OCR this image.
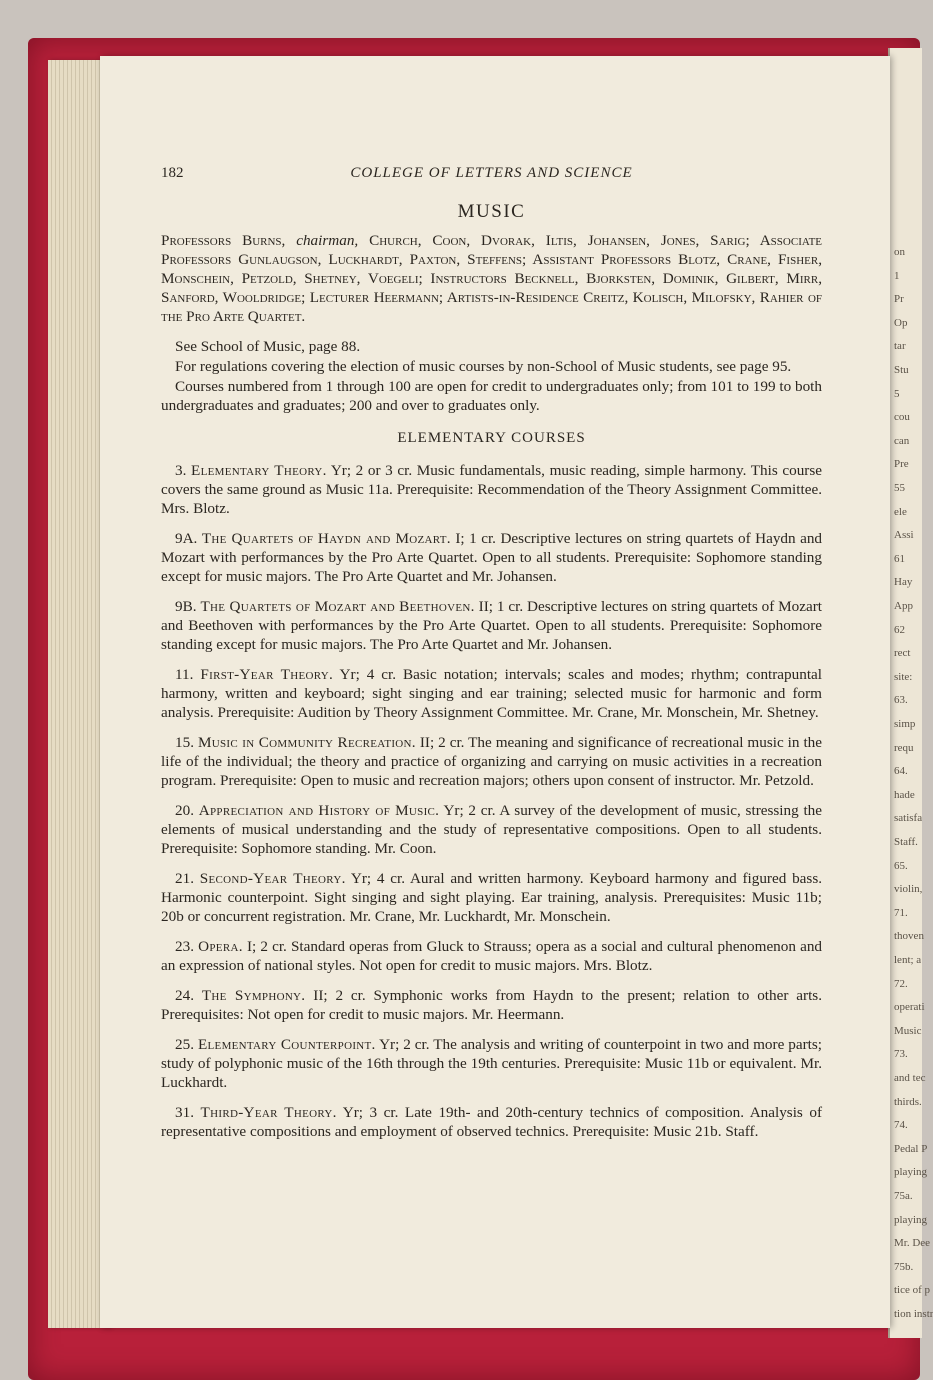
on
1
Pr
Op
tar
Stu
5
cou
can
Pre
55
ele
Assi
61
Hay
App
62
rect
site:
63.
simp
requ
64.
hade
satisfa
Staff.
65.
violin,
71.
thoven
lent; a
72.
operati
Music
73.
and tec
thirds.
74.
Pedal P
playing
75a.
playing
Mr. Dee
75b.
tice of p
tion instr
182	COLLEGE OF LETTERS AND SCIENCE
MUSIC

Professors Burns, chairman, Church, Coon, Dvorak, Iltis, Johansen, Jones, Sarig; Associate Professors Gunlaugson, Luckhardt, Paxton, Steffens; Assistant Professors Blotz, Crane, Fisher, Monschein, Petzold, Shetney, Voegeli; Instructors Becknell, Bjorksten, Dominik, Gilbert, Mirr, Sanford, Wooldridge; Lecturer Heermann; Artists-in-Residence Creitz, Kolisch, Milofsky, Rahier of the Pro Arte Quartet.

See School of Music, page 88.

For regulations covering the election of music courses by non-School of Music students, see page 95.

Courses numbered from 1 through 100 are open for credit to undergraduates only; from 101 to 199 to both undergraduates and graduates; 200 and over to graduates only.

ELEMENTARY COURSES

3. Elementary Theory. Yr; 2 or 3 cr. Music fundamentals, music reading, simple harmony. This course covers the same ground as Music 11a. Prerequisite: Recommendation of the Theory Assignment Committee. Mrs. Blotz.

9A. The Quartets of Haydn and Mozart. I; 1 cr. Descriptive lectures on string quartets of Haydn and Mozart with performances by the Pro Arte Quartet. Open to all students. Prerequisite: Sophomore standing except for music majors. The Pro Arte Quartet and Mr. Johansen.

9B. The Quartets of Mozart and Beethoven. II; 1 cr. Descriptive lectures on string quartets of Mozart and Beethoven with performances by the Pro Arte Quartet. Open to all students. Prerequisite: Sophomore standing except for music majors. The Pro Arte Quartet and Mr. Johansen.

11. First-Year Theory. Yr; 4 cr. Basic notation; intervals; scales and modes; rhythm; contrapuntal harmony, written and keyboard; sight singing and ear training; selected music for harmonic and form analysis. Prerequisite: Audition by Theory Assignment Committee. Mr. Crane, Mr. Monschein, Mr. Shetney.

15. Music in Community Recreation. II; 2 cr. The meaning and significance of recreational music in the life of the individual; the theory and practice of organizing and carrying on music activities in a recreation program. Prerequisite: Open to music and recreation majors; others upon consent of instructor. Mr. Petzold.

20. Appreciation and History of Music. Yr; 2 cr. A survey of the development of music, stressing the elements of musical understanding and the study of representative compositions. Open to all students. Prerequisite: Sophomore standing. Mr. Coon.

21. Second-Year Theory. Yr; 4 cr. Aural and written harmony. Keyboard harmony and figured bass. Harmonic counterpoint. Sight singing and sight playing. Ear training, analysis. Prerequisites: Music 11b; 20b or concurrent registration. Mr. Crane, Mr. Luckhardt, Mr. Monschein.

23. Opera. I; 2 cr. Standard operas from Gluck to Strauss; opera as a social and cultural phenomenon and an expression of national styles. Not open for credit to music majors. Mrs. Blotz.

24. The Symphony. II; 2 cr. Symphonic works from Haydn to the present; relation to other arts. Prerequisites: Not open for credit to music majors. Mr. Heermann.

25. Elementary Counterpoint. Yr; 2 cr. The analysis and writing of counterpoint in two and more parts; study of polyphonic music of the 16th through the 19th centuries. Prerequisite: Music 11b or equivalent. Mr. Luckhardt.

31. Third-Year Theory. Yr; 3 cr. Late 19th- and 20th-century technics of composition. Analysis of representative compositions and employment of observed technics. Prerequisite: Music 21b. Staff.
